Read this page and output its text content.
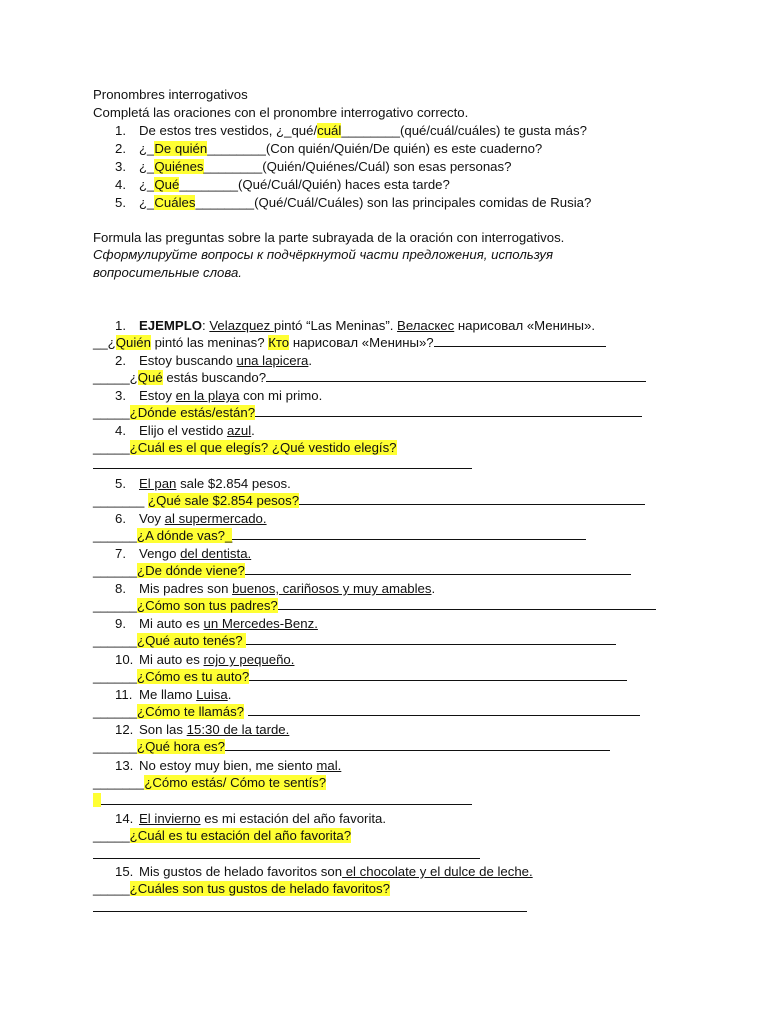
Pronombres interrogativos
Completá las oraciones con el pronombre interrogativo correcto.
1. De estos tres vestidos, ¿_qué/cuál________(qué/cuál/cuáles) te gusta más?
2. ¿_De quién________(Con quién/Quién/De quién) es este cuaderno?
3. ¿_Quiénes________(Quién/Quiénes/Cuál) son esas personas?
4. ¿_Qué________(Qué/Cuál/Quién) haces esta tarde?
5. ¿_Cuáles________(Qué/Cuál/Cuáles) son las principales comidas de Rusia?
Formula las preguntas sobre la parte subrayada de la oración con interrogativos.
Сформулируйте вопросы к подчёркнутой части предложения, используя
вопросительные слова.
1. EJEMPLO: Velazquez pintó “Las Meninas”. Веласкес нарисовал «Менины».
__¿Quién pintó las meninas? Кто нарисовал «Менины»?
2. Estoy buscando una lapicera.
_____¿Qué estás buscando?
3. Estoy en la playa con mi primo.
_____¿Dónde estás/están?
4. Elijo el vestido azul.
_____¿Cuál es el que elegís? ¿Qué vestido elegís?
5. El pan sale $2.854 pesos.
_______ ¿Qué sale $2.854 pesos?
6. Voy al supermercado.
______¿A dónde vas?_
7. Vengo del dentista.
______¿De dónde viene?
8. Mis padres son buenos, cariñosos y muy amables.
______¿Cómo son tus padres?
9. Mi auto es un Mercedes-Benz.
______¿Qué auto tenés?
10. Mi auto es rojo y pequeño.
______¿Cómo es tu auto?
11. Me llamo Luisa.
______¿Cómo te llamás?
12. Son las 15:30 de la tarde.
______¿Qué hora es?
13. No estoy muy bien, me siento mal.
_______¿Cómo estás/ Cómo te sentís?
14. El invierno es mi estación del año favorita.
_____¿Cuál es tu estación del año favorita?
15. Mis gustos de helado favoritos son el chocolate y el dulce de leche.
_____¿Cuáles son tus gustos de helado favoritos?
